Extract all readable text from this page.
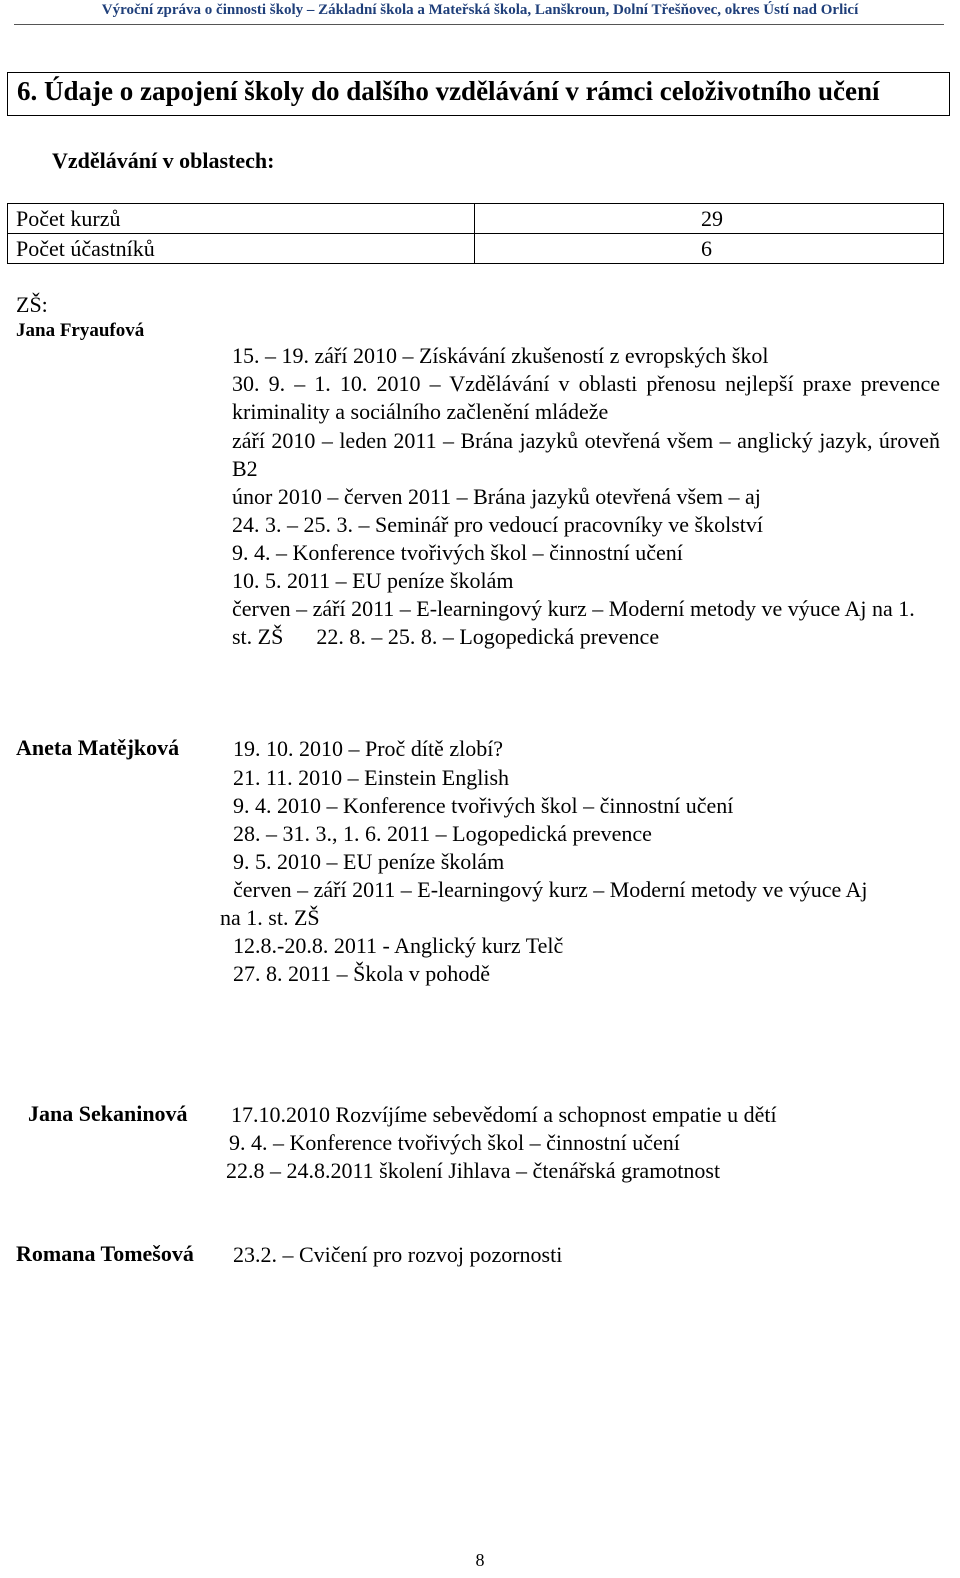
Výroční zpráva o činnosti školy – Základní škola a Mateřská škola, Lanškroun, Dolní Třešňovec, okres Ústí nad Orlicí
6. Údaje o zapojení školy do dalšího vzdělávání v rámci celoživotního učení
Vzdělávání v oblastech:
Počet kurzů	29
Počet účastníků	6
ZŠ:
Jana Fryaufová
15. – 19. září 2010 – Získávání zkušeností z evropských škol
30. 9. – 1. 10. 2010 – Vzdělávání v oblasti přenosu nejlepší praxe prevence kriminality a sociálního začlenění mládeže
září 2010 – leden 2011 – Brána jazyků otevřená všem – anglický jazyk, úroveň B2
únor 2010 – červen 2011 – Brána jazyků otevřená všem – aj
24. 3. – 25. 3. – Seminář pro vedoucí pracovníky ve školství
9. 4. – Konference tvořivých škol – činnostní učení
10. 5. 2011 – EU peníze školám
červen – září 2011 – E-learningový kurz – Moderní metody ve výuce Aj na 1. st. ZŠ      22. 8. – 25. 8. – Logopedická prevence
Aneta Matějková 19. 10. 2010 – Proč dítě zlobí?
21. 11. 2010 – Einstein English
9. 4. 2010 – Konference tvořivých škol – činnostní učení
28. – 31. 3., 1. 6. 2011 – Logopedická prevence
9. 5. 2010 – EU peníze školám
červen – září 2011 – E-learningový kurz – Moderní metody ve výuce Aj
na 1. st. ZŠ
12.8.-20.8. 2011 - Anglický kurz Telč
27. 8. 2011 – Škola v pohodě
Jana Sekaninová 17.10.2010 Rozvíjíme sebevědomí a schopnost empatie u dětí
9. 4. – Konference tvořivých škol – činnostní učení
22.8 – 24.8.2011 školení Jihlava – čtenářská gramotnost
Romana Tomešová 23.2. – Cvičení pro rozvoj pozornosti
8
